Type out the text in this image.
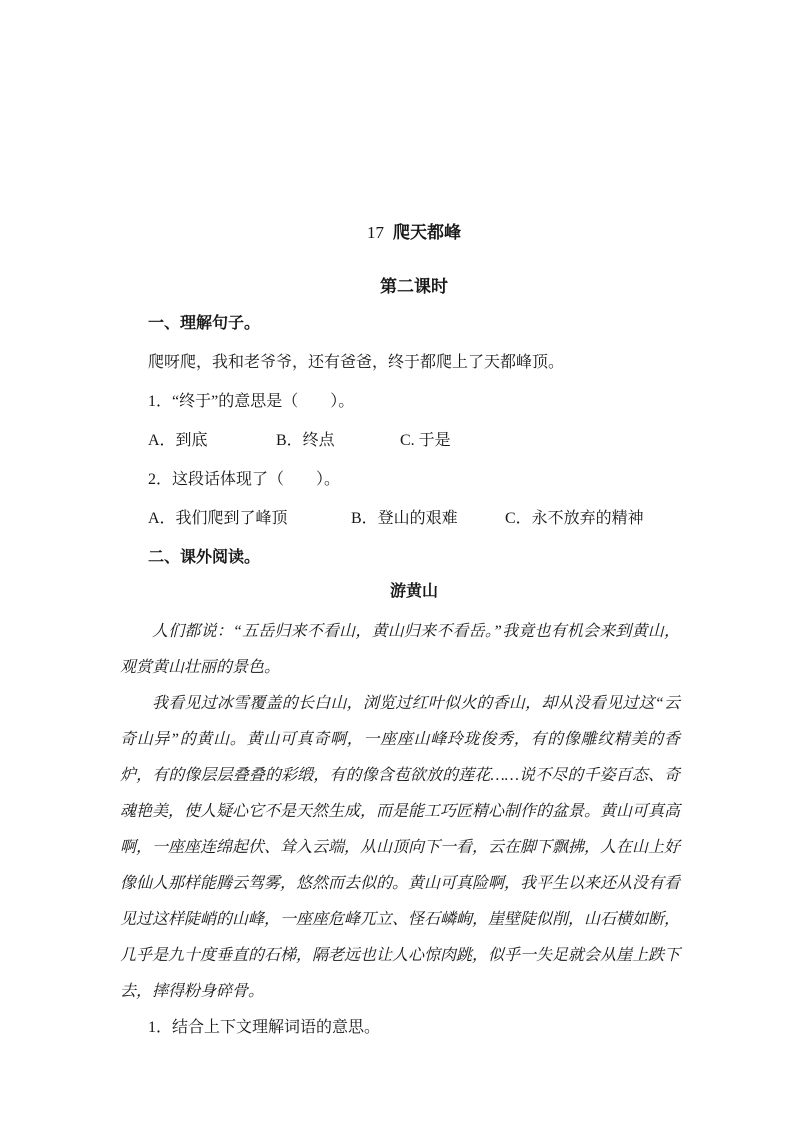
17 爬天都峰
第二课时

一、理解句子。

爬呀爬，我和老爷爷，还有爸爸，终于都爬上了天都峰顶。

1．“终于”的意思是（　　）。

A．到底	B．终点	C. 于是

2．这段话体现了（　　）。

A．我们爬到了峰顶	B．登山的艰难	C．永不放弃的精神

二、课外阅读。

游黄山

人们都说：“五岳归来不看山，黄山归来不看岳。”我竟也有机会来到黄山，观赏黄山壮丽的景色。

我看见过冰雪覆盖的长白山，浏览过红叶似火的香山，却从没看见过这“云奇山异”的黄山。黄山可真奇啊，一座座山峰玲珑俊秀，有的像雕纹精美的香炉，有的像层层叠叠的彩缎，有的像含苞欲放的莲花……说不尽的千姿百态、奇魂艳美，使人疑心它不是天然生成，而是能工巧匠精心制作的盆景。黄山可真高啊，一座座连绵起伏、耸入云端，从山顶向下一看，云在脚下飘拂，人在山上好像仙人那样能腾云驾雾，悠然而去似的。黄山可真险啊，我平生以来还从没有看见过这样陡峭的山峰，一座座危峰兀立、怪石嶙峋，崖壁陡似削，山石横如断，几乎是九十度垂直的石梯，隔老远也让人心惊肉跳，似乎一失足就会从崖上跌下去，摔得粉身碎骨。

1．结合上下文理解词语的意思。
